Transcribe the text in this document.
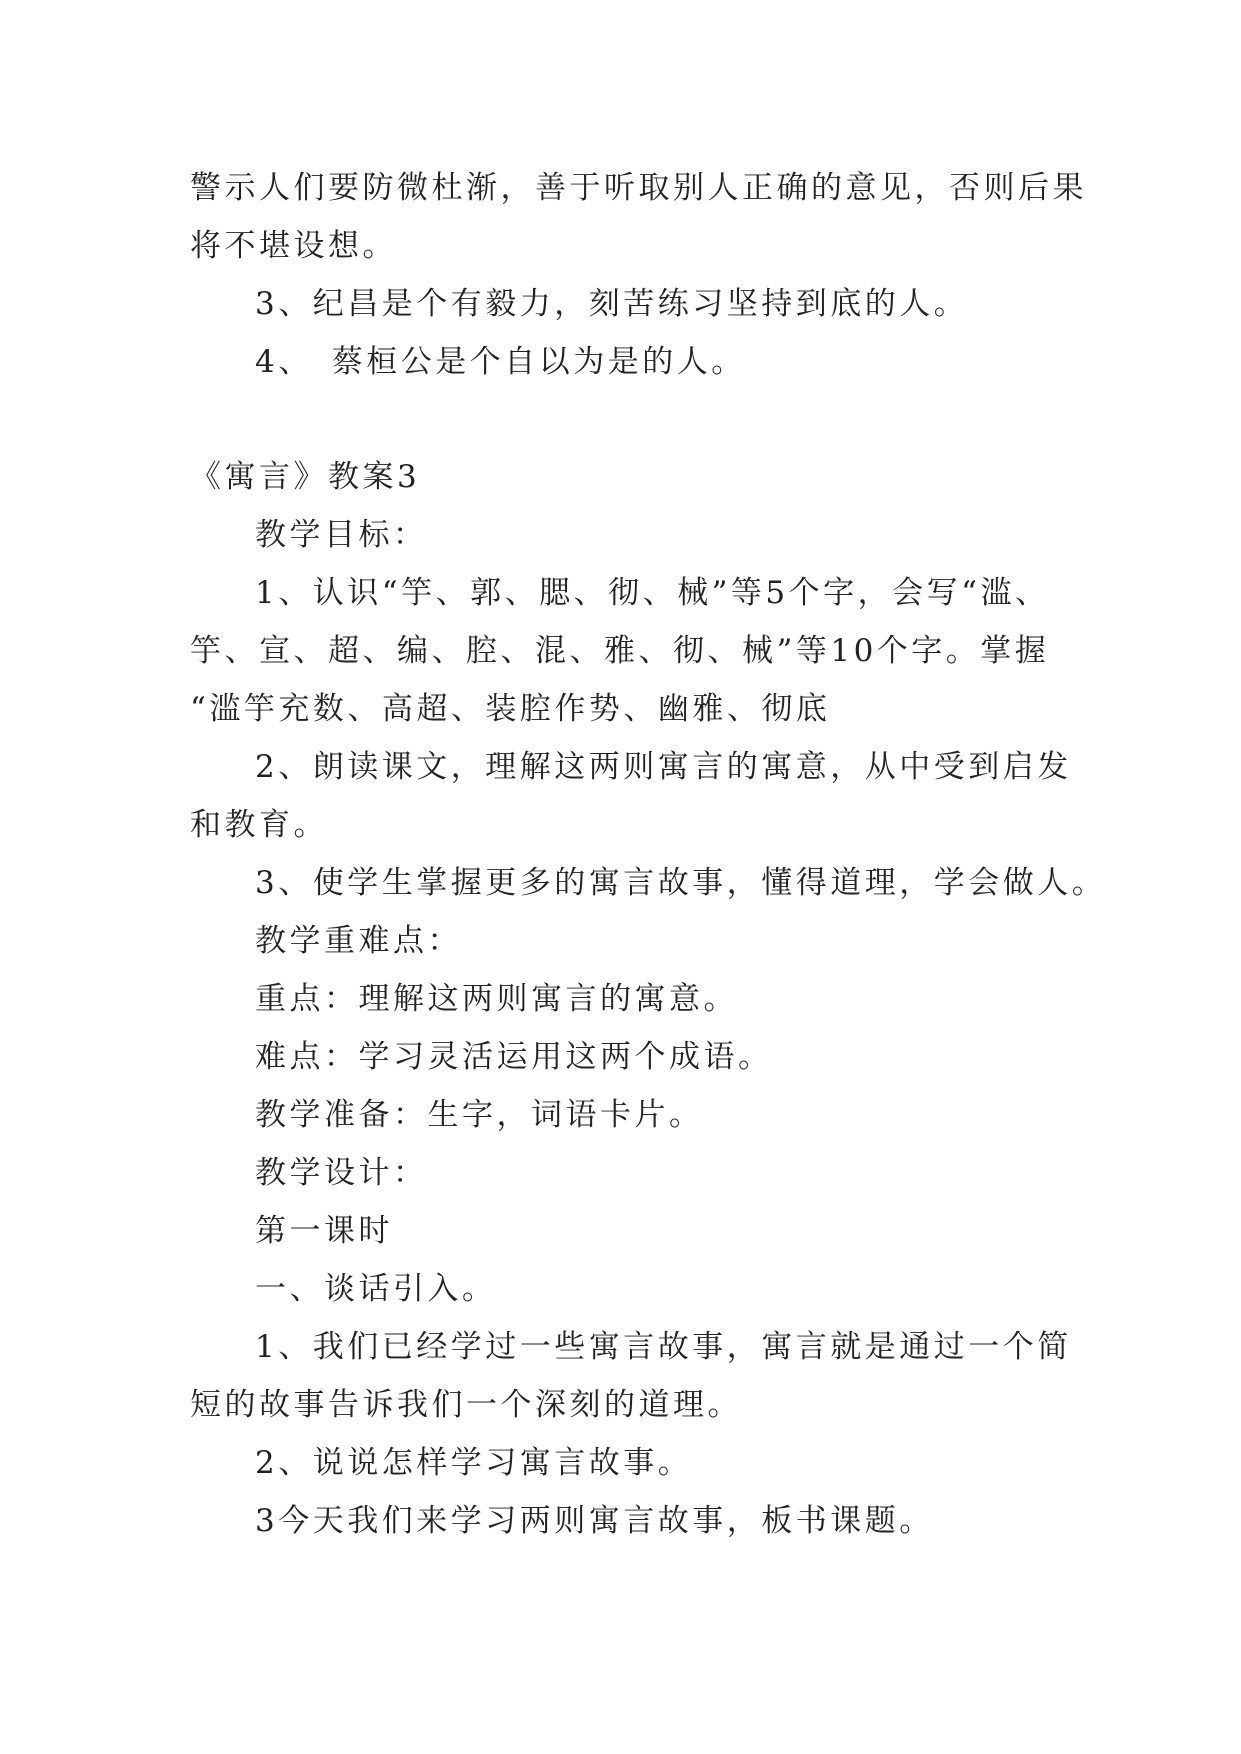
警示人们要防微杜渐，善于听取别人正确的意见，否则后果
将不堪设想。
3、纪昌是个有毅力，刻苦练习坚持到底的人。
4、　蔡桓公是个自以为是的人。
《寓言》教案3
教学目标：
1、认识“竽、郭、腮、彻、械”等5个字，会写“滥、
竽、宣、超、编、腔、混、雅、彻、械”等10个字。掌握
“滥竽充数、高超、装腔作势、幽雅、彻底
2、朗读课文，理解这两则寓言的寓意，从中受到启发
和教育。
3、使学生掌握更多的寓言故事，懂得道理，学会做人。
教学重难点：
重点：理解这两则寓言的寓意。
难点：学习灵活运用这两个成语。
教学准备：生字，词语卡片。
教学设计：
第一课时
一、谈话引入。
1、我们已经学过一些寓言故事，寓言就是通过一个简
短的故事告诉我们一个深刻的道理。
2、说说怎样学习寓言故事。
3今天我们来学习两则寓言故事，板书课题。
